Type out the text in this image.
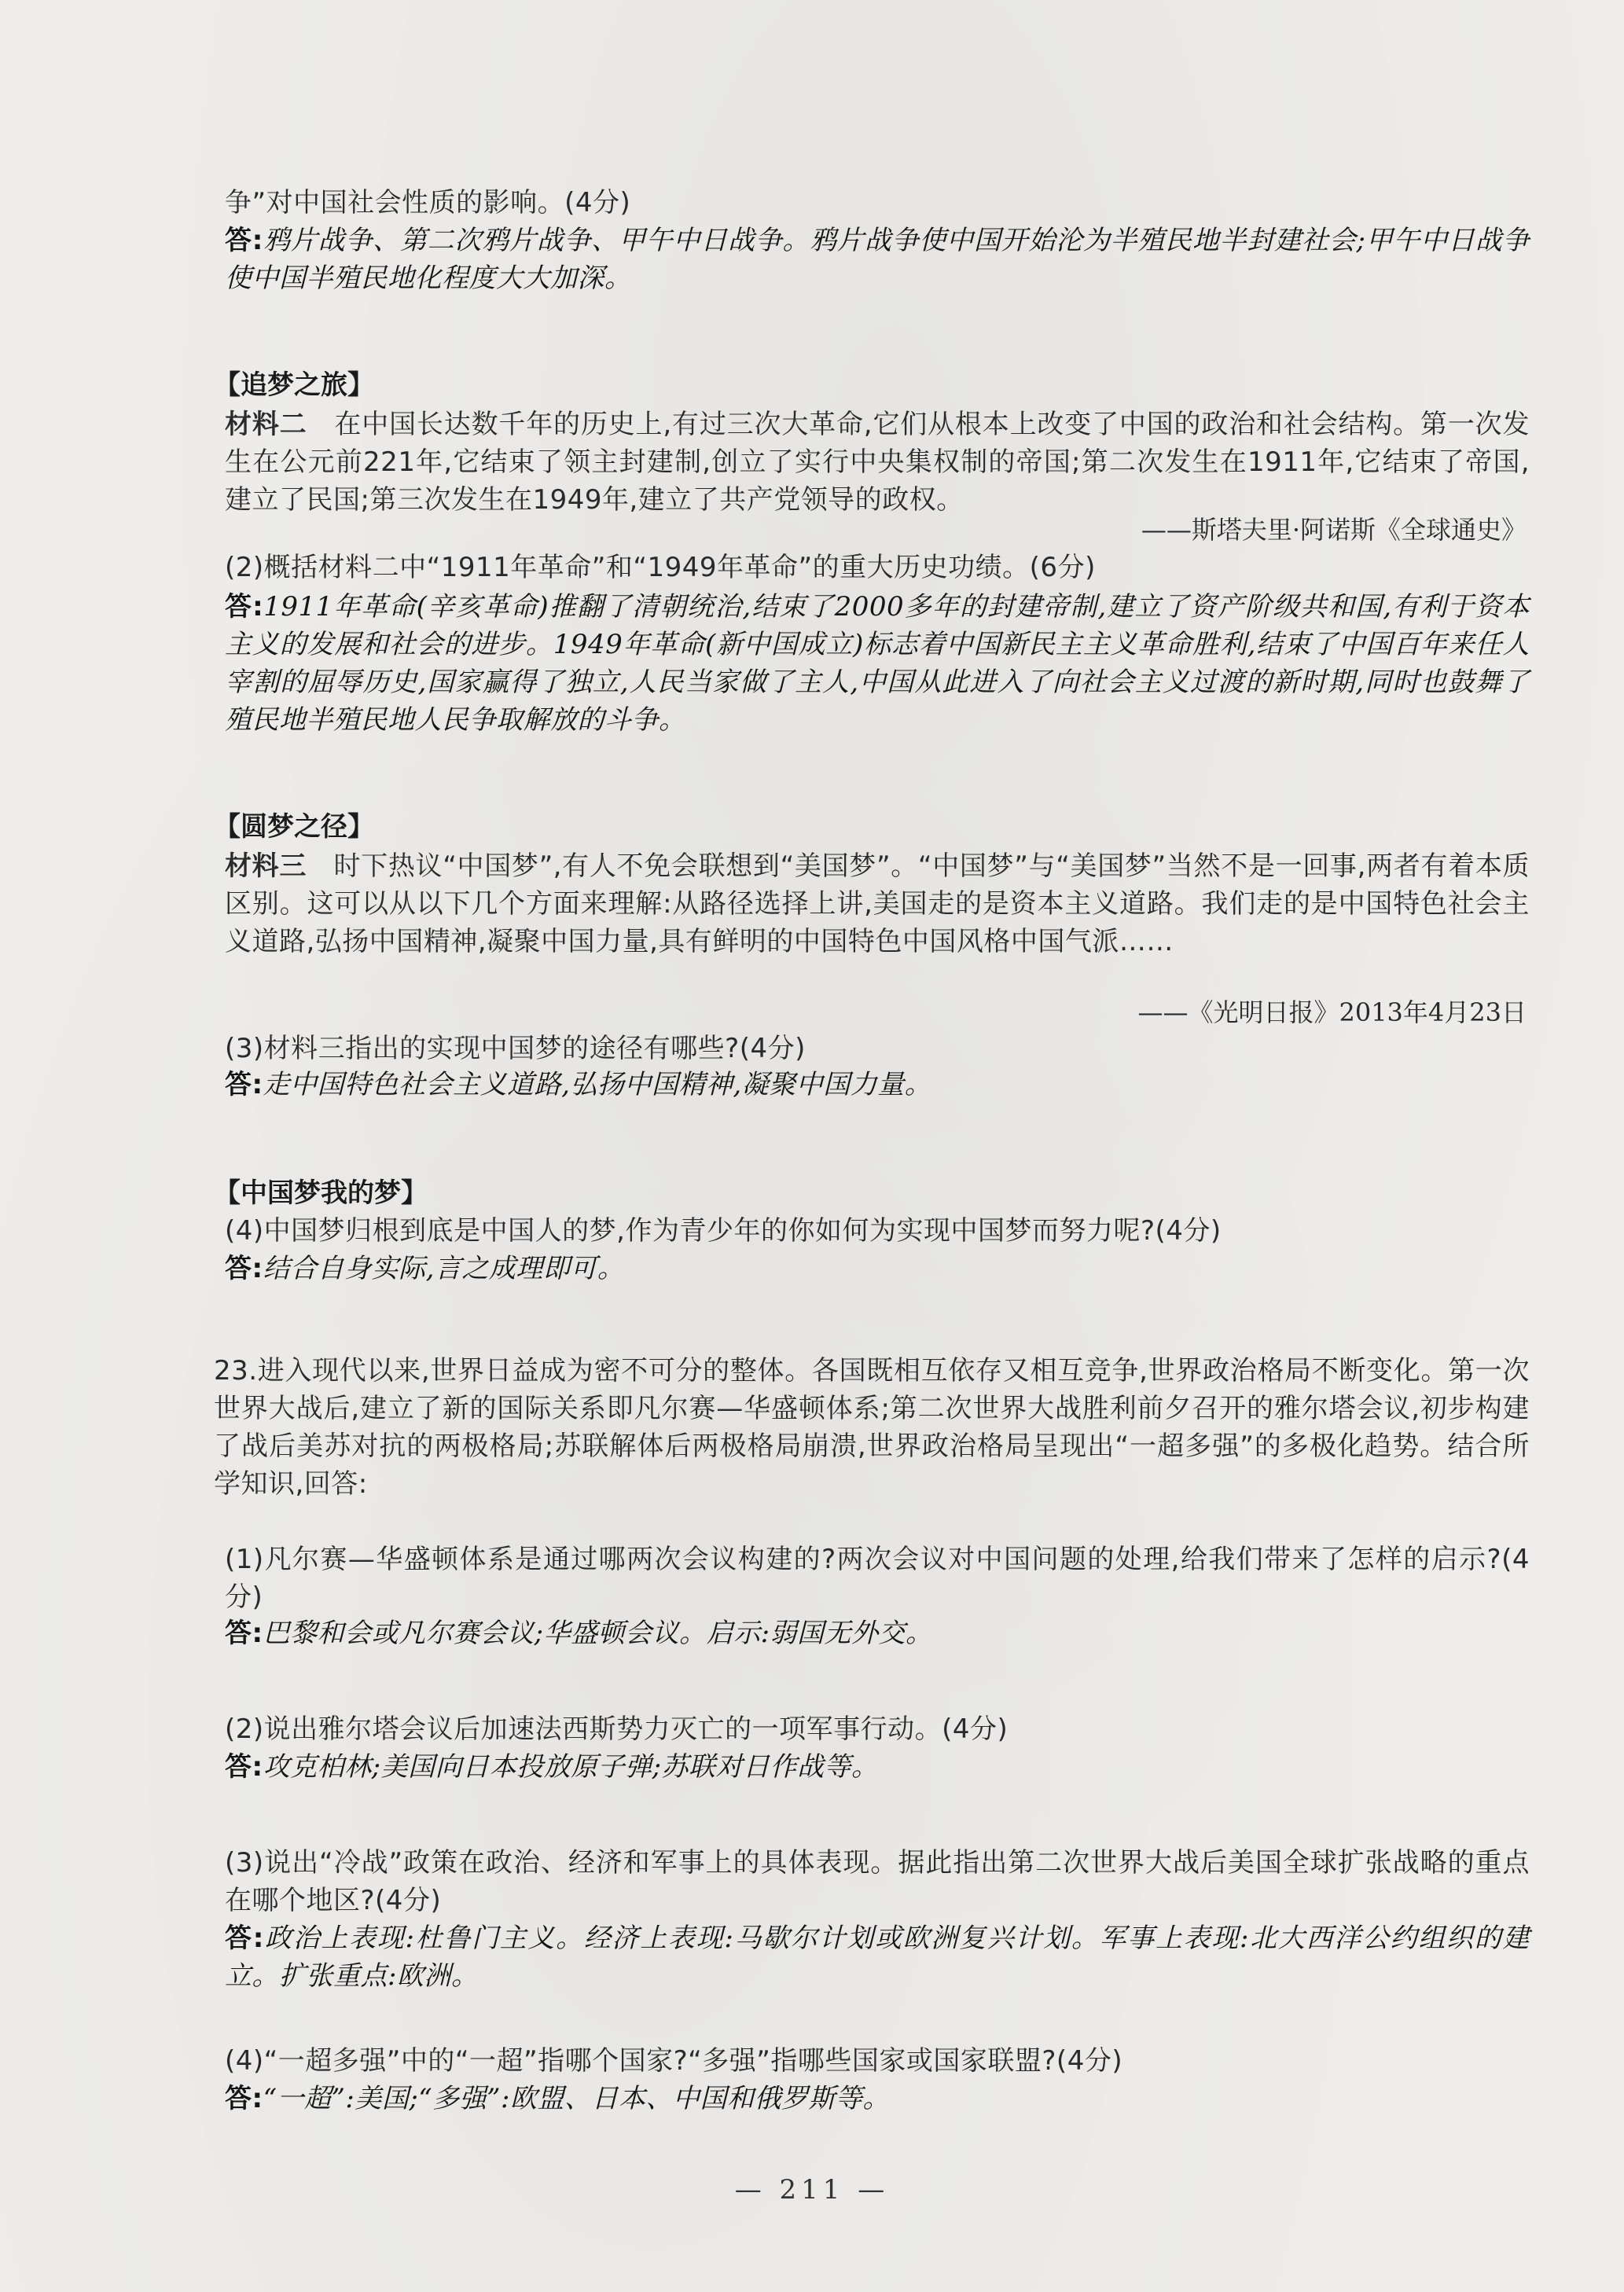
争”对中国社会性质的影响。(4分)
答:鸦片战争、第二次鸦片战争、甲午中日战争。鸦片战争使中国开始沦为半殖民地半封建社会;甲午中日战争使中国半殖民地化程度大大加深。
【追梦之旅】
材料二 在中国长达数千年的历史上,有过三次大革命,它们从根本上改变了中国的政治和社会结构。第一次发生在公元前221年,它结束了领主封建制,创立了实行中央集权制的帝国;第二次发生在1911年,它结束了帝国,建立了民国;第三次发生在1949年,建立了共产党领导的政权。
——斯塔夫里·阿诺斯《全球通史》
(2)概括材料二中“1911年革命”和“1949年革命”的重大历史功绩。(6分)
答:1911年革命(辛亥革命)推翻了清朝统治,结束了2000多年的封建帝制,建立了资产阶级共和国,有利于资本主义的发展和社会的进步。1949年革命(新中国成立)标志着中国新民主主义革命胜利,结束了中国百年来任人宰割的屈辱历史,国家赢得了独立,人民当家做了主人,中国从此进入了向社会主义过渡的新时期,同时也鼓舞了殖民地半殖民地人民争取解放的斗争。
【圆梦之径】
材料三 时下热议“中国梦”,有人不免会联想到“美国梦”。“中国梦”与“美国梦”当然不是一回事,两者有着本质区别。这可以从以下几个方面来理解:从路径选择上讲,美国走的是资本主义道路。我们走的是中国特色社会主义道路,弘扬中国精神,凝聚中国力量,具有鲜明的中国特色中国风格中国气派……
——《光明日报》2013年4月23日
(3)材料三指出的实现中国梦的途径有哪些?(4分)
答:走中国特色社会主义道路,弘扬中国精神,凝聚中国力量。
【中国梦我的梦】
(4)中国梦归根到底是中国人的梦,作为青少年的你如何为实现中国梦而努力呢?(4分)
答:结合自身实际,言之成理即可。
23.进入现代以来,世界日益成为密不可分的整体。各国既相互依存又相互竞争,世界政治格局不断变化。第一次世界大战后,建立了新的国际关系即凡尔赛—华盛顿体系;第二次世界大战胜利前夕召开的雅尔塔会议,初步构建了战后美苏对抗的两极格局;苏联解体后两极格局崩溃,世界政治格局呈现出“一超多强”的多极化趋势。结合所学知识,回答:
(1)凡尔赛—华盛顿体系是通过哪两次会议构建的?两次会议对中国问题的处理,给我们带来了怎样的启示?(4分)
答:巴黎和会或凡尔赛会议;华盛顿会议。启示:弱国无外交。
(2)说出雅尔塔会议后加速法西斯势力灭亡的一项军事行动。(4分)
答:攻克柏林;美国向日本投放原子弹;苏联对日作战等。
(3)说出“冷战”政策在政治、经济和军事上的具体表现。据此指出第二次世界大战后美国全球扩张战略的重点在哪个地区?(4分)
答:政治上表现:杜鲁门主义。经济上表现:马歇尔计划或欧洲复兴计划。军事上表现:北大西洋公约组织的建立。扩张重点:欧洲。
(4)“一超多强”中的“一超”指哪个国家?“多强”指哪些国家或国家联盟?(4分)
答:“一超”:美国;“多强”:欧盟、日本、中国和俄罗斯等。
— 211 —
